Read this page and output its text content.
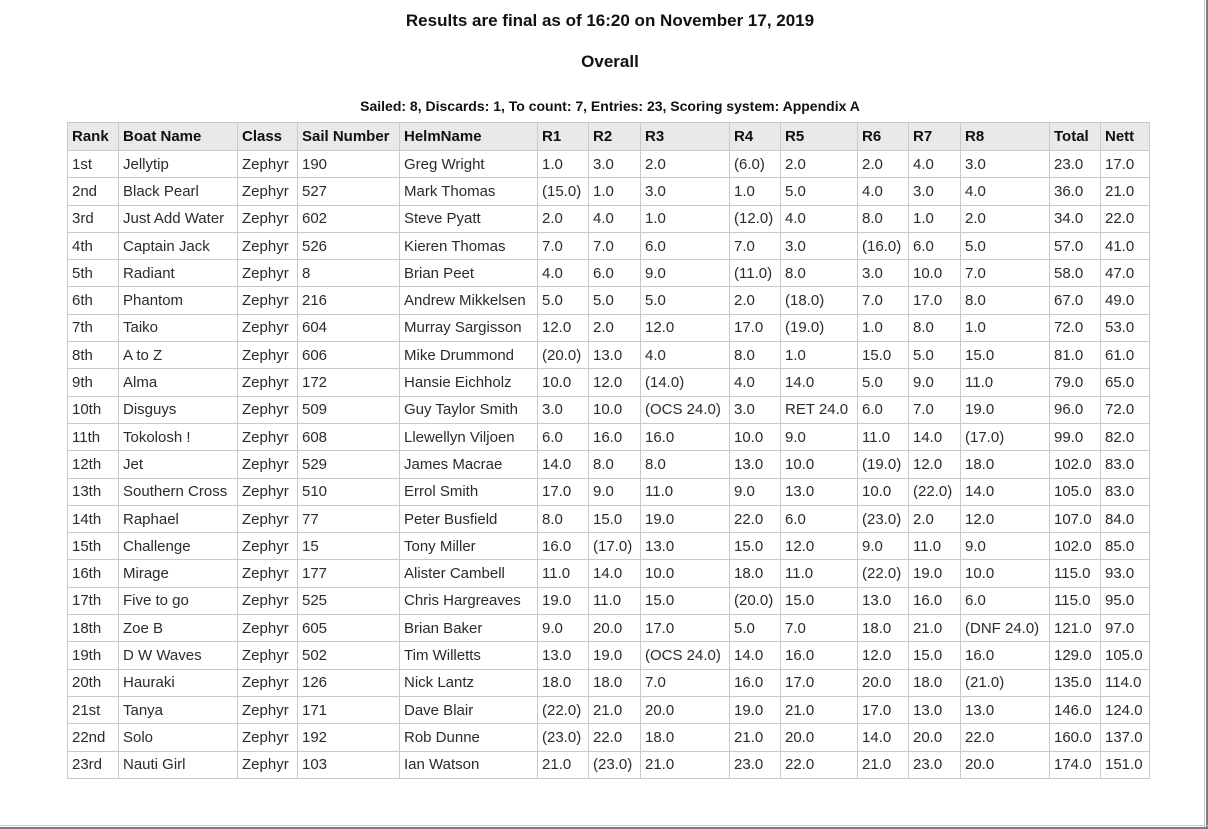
Results are final as of 16:20 on November 17, 2019
Overall
Sailed: 8, Discards: 1, To count: 7, Entries: 23, Scoring system: Appendix A
Rank	Boat Name	Class	Sail Number	HelmName	R1	R2	R3	R4	R5	R6	R7	R8	Total	Nett
1st	Jellytip	Zephyr	190	Greg Wright	1.0	3.0	2.0	(6.0)	2.0	2.0	4.0	3.0	23.0	17.0
2nd	Black Pearl	Zephyr	527	Mark Thomas	(15.0)	1.0	3.0	1.0	5.0	4.0	3.0	4.0	36.0	21.0
3rd	Just Add Water	Zephyr	602	Steve Pyatt	2.0	4.0	1.0	(12.0)	4.0	8.0	1.0	2.0	34.0	22.0
4th	Captain Jack	Zephyr	526	Kieren Thomas	7.0	7.0	6.0	7.0	3.0	(16.0)	6.0	5.0	57.0	41.0
5th	Radiant	Zephyr	8	Brian Peet	4.0	6.0	9.0	(11.0)	8.0	3.0	10.0	7.0	58.0	47.0
6th	Phantom	Zephyr	216	Andrew Mikkelsen	5.0	5.0	5.0	2.0	(18.0)	7.0	17.0	8.0	67.0	49.0
7th	Taiko	Zephyr	604	Murray Sargisson	12.0	2.0	12.0	17.0	(19.0)	1.0	8.0	1.0	72.0	53.0
8th	A to Z	Zephyr	606	Mike Drummond	(20.0)	13.0	4.0	8.0	1.0	15.0	5.0	15.0	81.0	61.0
9th	Alma	Zephyr	172	Hansie Eichholz	10.0	12.0	(14.0)	4.0	14.0	5.0	9.0	11.0	79.0	65.0
10th	Disguys	Zephyr	509	Guy Taylor Smith	3.0	10.0	(OCS 24.0)	3.0	RET 24.0	6.0	7.0	19.0	96.0	72.0
11th	Tokolosh !	Zephyr	608	Llewellyn Viljoen	6.0	16.0	16.0	10.0	9.0	11.0	14.0	(17.0)	99.0	82.0
12th	Jet	Zephyr	529	James Macrae	14.0	8.0	8.0	13.0	10.0	(19.0)	12.0	18.0	102.0	83.0
13th	Southern Cross	Zephyr	510	Errol Smith	17.0	9.0	11.0	9.0	13.0	10.0	(22.0)	14.0	105.0	83.0
14th	Raphael	Zephyr	77	Peter Busfield	8.0	15.0	19.0	22.0	6.0	(23.0)	2.0	12.0	107.0	84.0
15th	Challenge	Zephyr	15	Tony Miller	16.0	(17.0)	13.0	15.0	12.0	9.0	11.0	9.0	102.0	85.0
16th	Mirage	Zephyr	177	Alister Cambell	11.0	14.0	10.0	18.0	11.0	(22.0)	19.0	10.0	115.0	93.0
17th	Five to go	Zephyr	525	Chris Hargreaves	19.0	11.0	15.0	(20.0)	15.0	13.0	16.0	6.0	115.0	95.0
18th	Zoe B	Zephyr	605	Brian Baker	9.0	20.0	17.0	5.0	7.0	18.0	21.0	(DNF 24.0)	121.0	97.0
19th	D W Waves	Zephyr	502	Tim Willetts	13.0	19.0	(OCS 24.0)	14.0	16.0	12.0	15.0	16.0	129.0	105.0
20th	Hauraki	Zephyr	126	Nick Lantz	18.0	18.0	7.0	16.0	17.0	20.0	18.0	(21.0)	135.0	114.0
21st	Tanya	Zephyr	171	Dave Blair	(22.0)	21.0	20.0	19.0	21.0	17.0	13.0	13.0	146.0	124.0
22nd	Solo	Zephyr	192	Rob Dunne	(23.0)	22.0	18.0	21.0	20.0	14.0	20.0	22.0	160.0	137.0
23rd	Nauti Girl	Zephyr	103	Ian Watson	21.0	(23.0)	21.0	23.0	22.0	21.0	23.0	20.0	174.0	151.0
